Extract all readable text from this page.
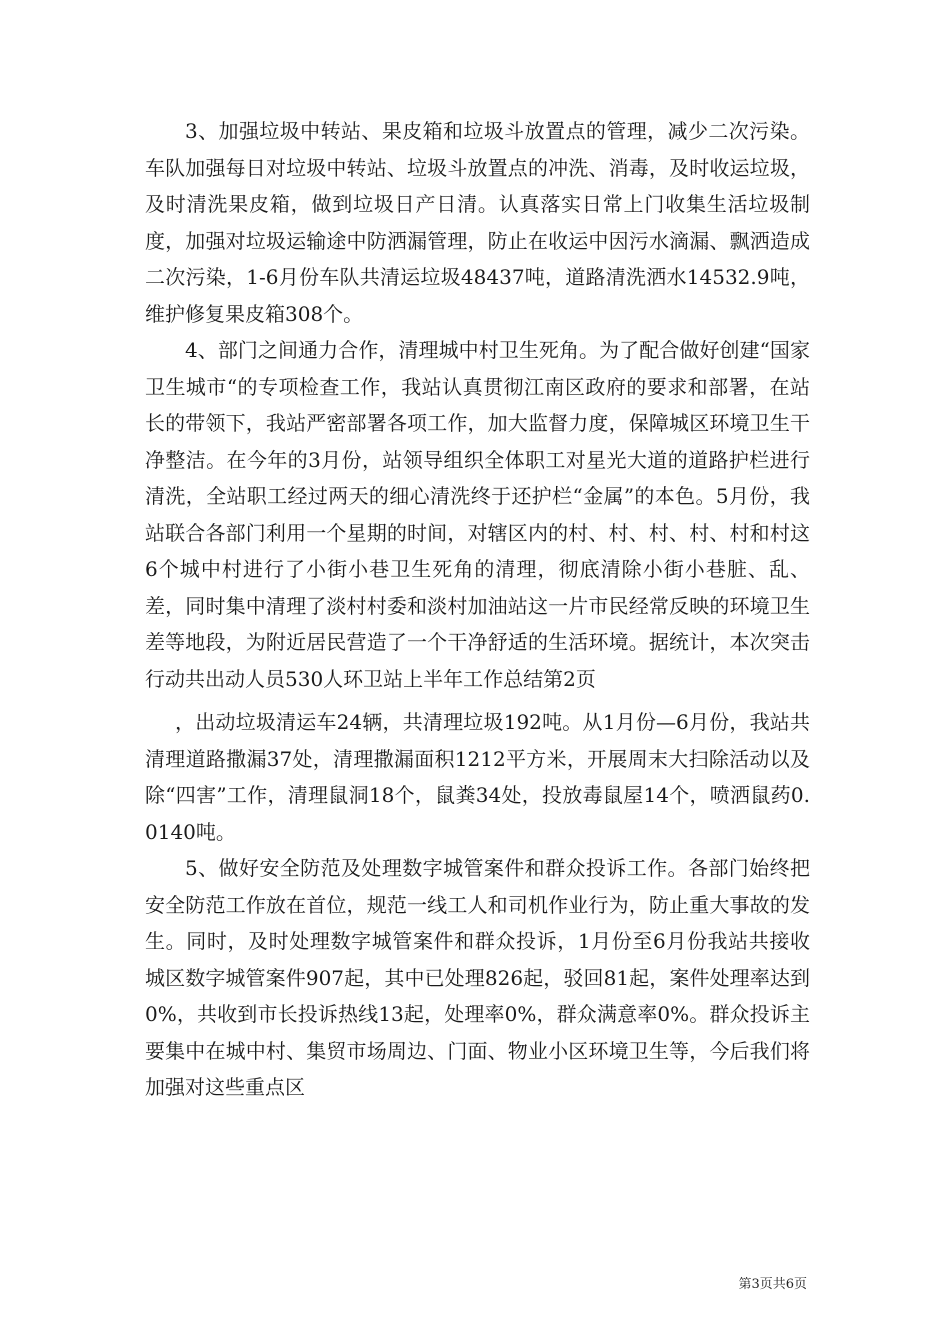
3、加强垃圾中转站、果皮箱和垃圾斗放置点的管理，减少二次污染。车队加强每日对垃圾中转站、垃圾斗放置点的冲洗、消毒，及时收运垃圾，及时清洗果皮箱，做到垃圾日产日清。认真落实日常上门收集生活垃圾制度，加强对垃圾运输途中防洒漏管理，防止在收运中因污水滴漏、飘洒造成二次污染，1-6月份车队共清运垃圾48437吨，道路清洗洒水14532.9吨，维护修复果皮箱308个。

4、部门之间通力合作，清理城中村卫生死角。为了配合做好创建“国家卫生城市“的专项检查工作，我站认真贯彻江南区政府的要求和部署，在站长的带领下，我站严密部署各项工作，加大监督力度，保障城区环境卫生干净整洁。在今年的3月份，站领导组织全体职工对星光大道的道路护栏进行清洗，全站职工经过两天的细心清洗终于还护栏“金属”的本色。5月份，我站联合各部门利用一个星期的时间，对辖区内的村、村、村、村、村和村这6个城中村进行了小街小巷卫生死角的清理，彻底清除小街小巷脏、乱、差，同时集中清理了淡村村委和淡村加油站这一片市民经常反映的环境卫生差等地段，为附近居民营造了一个干净舒适的生活环境。据统计，本次突击行动共出动人员530人环卫站上半年工作总结第2页

，出动垃圾清运车24辆，共清理垃圾192吨。从1月份—6月份，我站共清理道路撒漏37处，清理撒漏面积1212平方米，开展周末大扫除活动以及除“四害”工作，清理鼠洞18个，鼠粪34处，投放毒鼠屋14个，喷洒鼠药0.0140吨。

5、做好安全防范及处理数字城管案件和群众投诉工作。各部门始终把安全防范工作放在首位，规范一线工人和司机作业行为，防止重大事故的发生。同时，及时处理数字城管案件和群众投诉，1月份至6月份我站共接收城区数字城管案件907起，其中已处理826起，驳回81起，案件处理率达到0%，共收到市长投诉热线13起，处理率0%，群众满意率0%。群众投诉主要集中在城中村、集贸市场周边、门面、物业小区环境卫生等，今后我们将加强对这些重点区

第3页共6页
